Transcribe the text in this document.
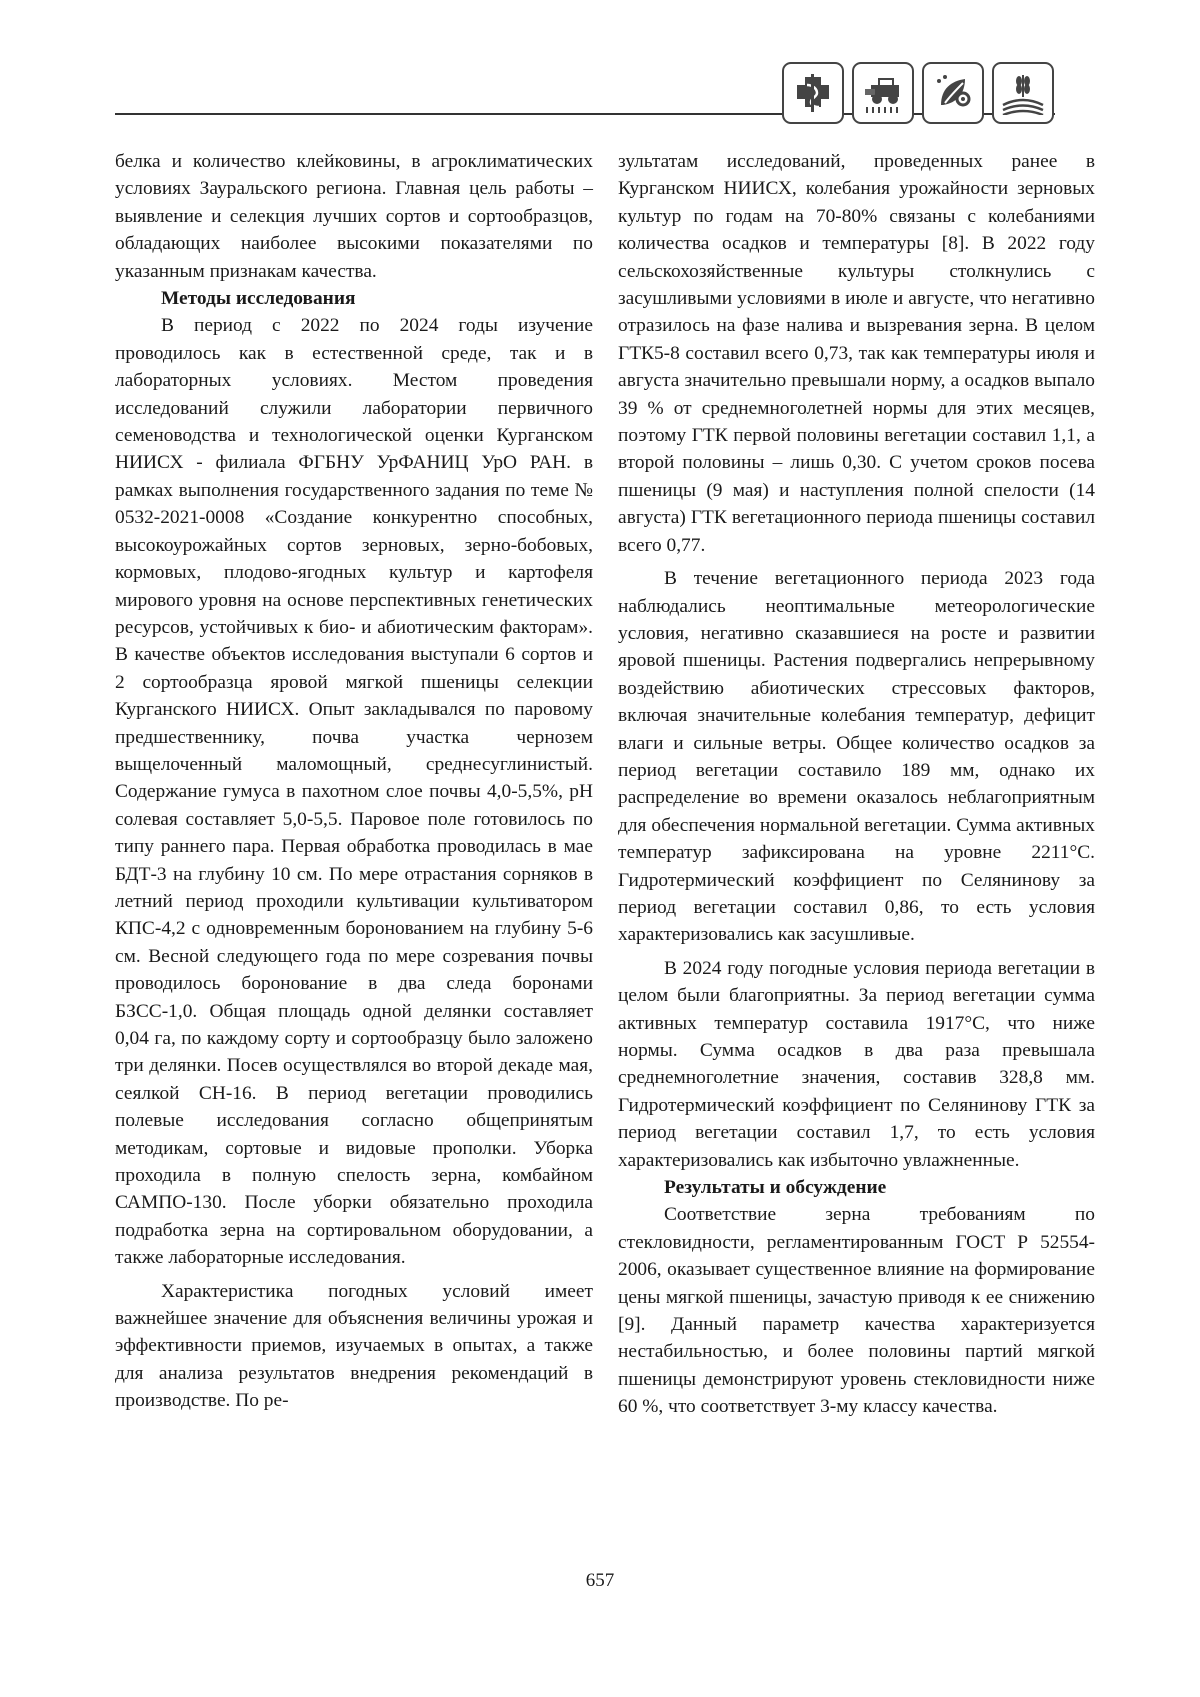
белка и количество клейковины, в агроклиматических условиях Зауральского региона. Главная цель работы – выявление и селекция лучших сортов и сортообразцов, обладающих наиболее высокими показателями по указанным признакам качества.

Методы исследования

В период с 2022 по 2024 годы изучение проводилось как в естественной среде, так и в лабораторных условиях. Местом проведения исследований служили лаборатории первичного семеноводства и технологической оценки Курганском НИИСХ - филиала ФГБНУ УрФАНИЦ УрО РАН. в рамках выполнения государственного задания по теме № 0532-2021-0008 «Создание конкурентно способных, высокоурожайных сортов зерновых, зерно-бобовых, кормовых, плодово-ягодных культур и картофеля мирового уровня на основе перспективных генетических ресурсов, устойчивых к био- и абиотическим факторам». В качестве объектов исследования выступали 6 сортов и 2 сортообразца яровой мягкой пшеницы селекции Курганского НИИСХ. Опыт закладывался по паровому предшественнику, почва участка чернозем выщелоченный маломощный, среднесуглинистый. Содержание гумуса в пахотном слое почвы 4,0-5,5%, pH солевая составляет 5,0-5,5. Паровое поле готовилось по типу раннего пара. Первая обработка проводилась в мае БДТ-3 на глубину 10 см. По мере отрастания сорняков в летний период проходили культивации культиватором КПС-4,2 с одновременным боронованием на глубину 5-6 см. Весной следующего года по мере созревания почвы проводилось боронование в два следа боронами БЗСС-1,0. Общая площадь одной делянки составляет 0,04 га, по каждому сорту и сортообразцу было заложено три делянки. Посев осуществлялся во второй декаде мая, сеялкой СН-16. В период вегетации проводились полевые исследования согласно общепринятым методикам, сортовые и видовые прополки. Уборка проходила в полную спелость зерна, комбайном САМПО-130. После уборки обязательно проходила подработка зерна на сортировальном оборудовании, а также лабораторные исследования.

Характеристика погодных условий имеет важнейшее значение для объяснения величины урожая и эффективности приемов, изучаемых в опытах, а также для анализа результатов внедрения рекомендаций в производстве. По ре-

зультатам исследований, проведенных ранее в Курганском НИИСХ, колебания урожайности зерновых культур по годам на 70-80% связаны с колебаниями количества осадков и температуры [8]. В 2022 году сельскохозяйственные культуры столкнулись с засушливыми условиями в июле и августе, что негативно отразилось на фазе налива и вызревания зерна. В целом ГТК5-8 составил всего 0,73, так как температуры июля и августа значительно превышали норму, а осадков выпало 39 % от среднемноголетней нормы для этих месяцев, поэтому ГТК первой половины вегетации составил 1,1, а второй половины – лишь 0,30. С учетом сроков посева пшеницы (9 мая) и наступления полной спелости (14 августа) ГТК вегетационного периода пшеницы составил всего 0,77.

В течение вегетационного периода 2023 года наблюдались неоптимальные метеорологические условия, негативно сказавшиеся на росте и развитии яровой пшеницы. Растения подвергались непрерывному воздействию абиотических стрессовых факторов, включая значительные колебания температур, дефицит влаги и сильные ветры. Общее количество осадков за период вегетации составило 189 мм, однако их распределение во времени оказалось неблагоприятным для обеспечения нормальной вегетации. Сумма активных температур зафиксирована на уровне 2211°С. Гидротермический коэффициент по Селянинову за период вегетации составил 0,86, то есть условия характеризовались как засушливые.

В 2024 году погодные условия периода вегетации в целом были благоприятны. За период вегетации сумма активных температур составила 1917°С, что ниже нормы. Сумма осадков в два раза превышала среднемноголетние значения, составив 328,8 мм. Гидротермический коэффициент по Селянинову ГТК за период вегетации составил 1,7, то есть условия характеризовались как избыточно увлажненные.

Результаты и обсуждение

Соответствие зерна требованиям по стекловидности, регламентированным ГОСТ Р 52554-2006, оказывает существенное влияние на формирование цены мягкой пшеницы, зачастую приводя к ее снижению [9]. Данный параметр качества характеризуется нестабильностью, и более половины партий мягкой пшеницы демонстрируют уровень стекловидности ниже 60 %, что соответствует 3-му классу качества.

657
